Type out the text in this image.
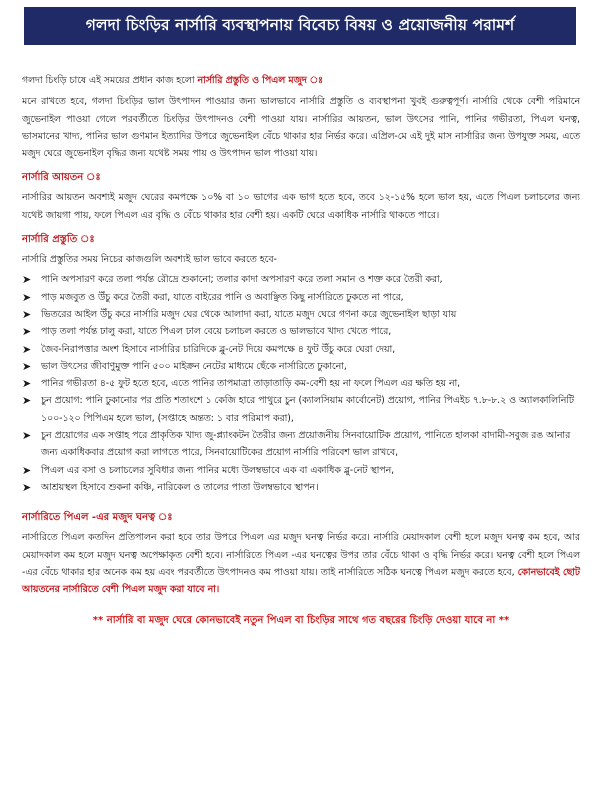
গলদা চিংড়ির নার্সারি ব্যবস্থাপনায় বিবেচ্য বিষয় ও প্রয়োজনীয় পরামর্শ

গলদা চিংড়ি চাষে এই সময়ের প্রধান কাজ হলো নার্সারি প্রস্তুতি ও পিএল মজুদ ঃ

মনে রাখতে হবে, গলদা চিংড়ির ভাল উৎপাদন পাওয়ার জন্য ভালভাবে নার্সারি প্রস্তুতি ও ব্যবস্থাপনা খুবই গুরুত্বপূর্ণ। নার্সারি থেকে বেশী পরিমানে জুভেনাইল পাওয়া গেলে পরবর্তীতে চিংড়ির উৎপাদনও বেশী পাওয়া যায়। নার্সারির আয়তন, ভাল উৎসের পানি, পানির গভীরতা, পিএল ঘনত্ব, ভাসমানের খাদ্য, পানির ভাল গুণমান ইত্যাদির উপরে জুভেনাইল বেঁচে থাকার হার নির্ভর করে। এপ্রিল-মে এই দুই মাস নার্সারির জন্য উপযুক্ত সময়, এতে মজুদ ঘেরে জুভেনাইল বৃদ্ধির জন্য যথেষ্ট সময় পায় ও উৎপাদন ভাল পাওয়া যায়।

নার্সারি আয়তন ঃ

নার্সারির আয়তন অবশ্যই মজুদ ঘেরের কমপক্ষে ১০% বা ১০ ভাগের এক ভাগ হতে হবে, তবে ১২-১৫% হলে ভাল হয়, এতে পিএল চলাচলের জন্য যথেষ্ট জায়গা পায়, ফলে পিএল এর বৃদ্ধি ও বেঁচে থাকার হার বেশী হয়। একটি ঘেরে একাধিক নার্সারি থাকতে পারে।

নার্সারি প্রস্তুতি ঃ

নার্সারি প্রস্তুতির সময় নিচের কাজগুলি অবশ্যই ভাল ভাবে করতে হবে-

➤ পানি অপসারণ করে তলা পর্যন্ত রৌদ্রে শুকানো; তলার কাদা অপসারণ করে তলা সমান ও শক্ত করে তৈরী করা,
➤ পাড় মজবুত ও উঁচু করে তৈরী করা, যাতে বাইরের পানি ও অবাঞ্ছিত কিছু নার্সারিতে ঢুকতে না পারে,
➤ ভিতরের আইল উঁচু করে নার্সারি মজুদ ঘের থেকে আলাদা করা, যাতে মজুদ ঘেরে গণনা করে জুভেনাইল ছাড়া যায়
➤ পাড় তলা পর্যন্ত ঢালু করা, যাতে পিএল ঢাল বেয়ে চলাচল করতে ও ভালভাবে খাদ্য খেতে পারে,
➤ জৈব-নিরাপত্তার অংশ হিসাবে নার্সারির চারিদিকে ব্লু-নেট দিয়ে কমপক্ষে ৪ ফুট উঁচু করে ঘেরা দেয়া,
➤ ভাল উৎসের জীবাণুমুক্ত পানি ৫০০ মাইক্রন নেটের মাধ্যমে ছেঁকে নার্সারিতে ঢুকানো,
➤ পানির গভীরতা ৪-৫ ফুট হতে হবে, এতে পানির তাপমাত্রা তাড়াতাড়ি কম-বেশী হয় না ফলে পিএল এর ক্ষতি হয় না,
➤ চুন প্রয়োগ: পানি ঢুকানোর পর প্রতি শতাংশে ১ কেজি হারে পাথুরে চুন (ক্যালসিয়াম কার্বোনেট) প্রয়োগ, পানির পিএইচ ৭.৮-৮.২ ও অ্যালকালিনিটি ১০০-১২০ পিপিএম হলে ভাল, (সপ্তাহে অন্তত: ১ বার পরিমাপ করা),
➤ চুন প্রয়োগের এক সপ্তাহ পরে প্রাকৃতিক খাদ্য জু-প্ল্যাংকটন তৈরীর জন্য প্রয়োজনীয় সিনবায়োটিক প্রয়োগ, পানিতে হালকা বাদামী-সবুজ রঙ আনার জন্য একাধিকবার প্রয়োগ করা লাগতে পারে, সিনবায়োটিকের প্রয়োগ নার্সারি পরিবেশ ভাল রাখবে,
➤ পিএল এর বসা ও চলাচলের সুবিধার জন্য পানির মধ্যে উলম্বভাবে এক বা একাধিক ব্লু-নেট স্থাপন,
➤ আশ্রয়স্থল হিসাবে শুকনা কঞ্চি, নারিকেল ও তালের পাতা উলম্বভাবে স্থাপন।
নার্সারিতে পিএল -এর মজুদ ঘনত্ব ঃ

নার্সারিতে পিএল কতদিন প্রতিপালন করা হবে তার উপরে পিএল এর মজুদ ঘনত্ব নির্ভর করে। নার্সারি মেয়াদকাল বেশী হলে মজুদ ঘনত্ব কম হবে, আর মেয়াদকাল কম হলে মজুদ ঘনত্ব অপেক্ষাকৃত বেশী হবে। নার্সারিতে পিএল -এর ঘনত্বের উপর তার বেঁচে থাকা ও বৃদ্ধি নির্ভর করে। ঘনত্ব বেশী হলে পিএল -এর বেঁচে থাকার হার অনেক কম হয় এবং পরবর্তীতে উৎপাদনও কম পাওয়া যায়। তাই নার্সারিতে সঠিক ঘনত্বে পিএল মজুদ করতে হবে, কোনভাবেই ছোট আয়তনের নার্সারিতে বেশী পিএল মজুদ করা যাবে না।

** নার্সারি বা মজুদ ঘেরে কোনভাবেই নতুন পিএল বা চিংড়ির সাথে গত বছরের চিংড়ি দেওয়া যাবে না **
